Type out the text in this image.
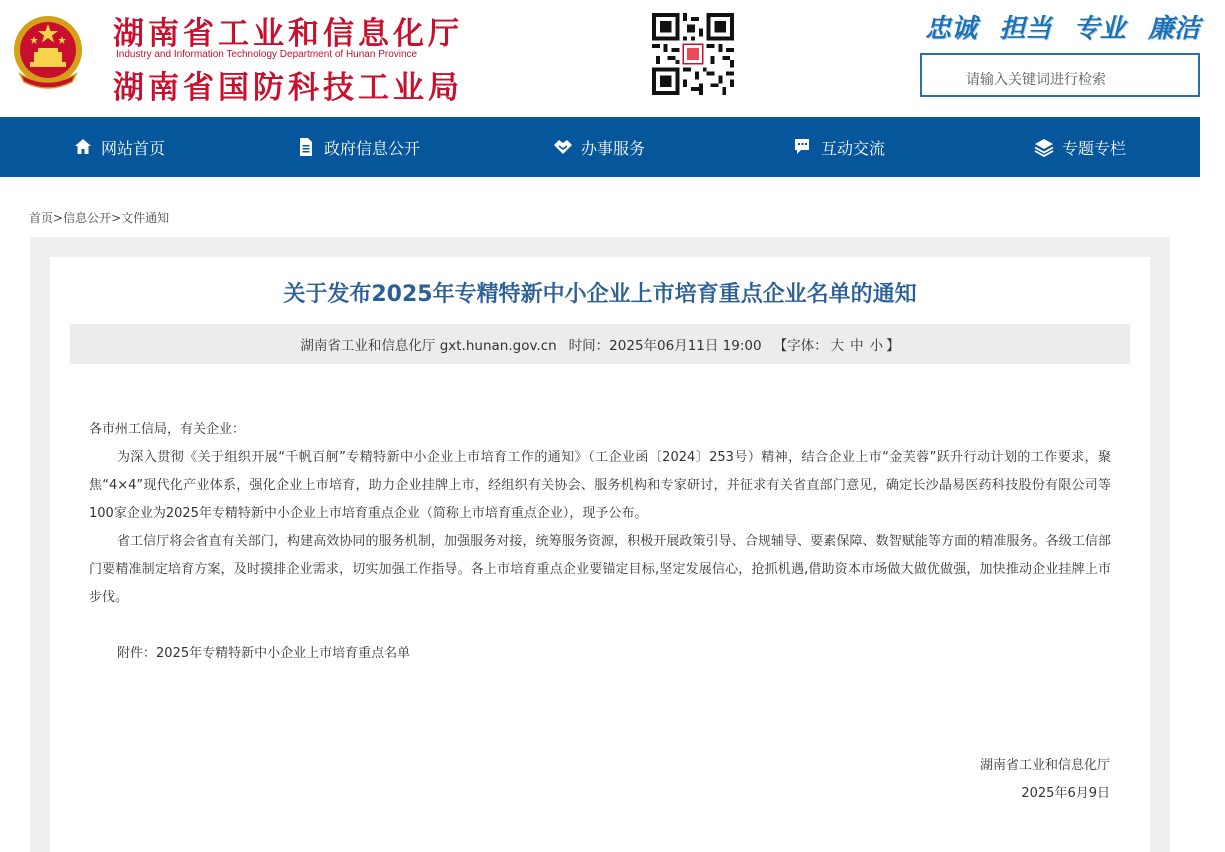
湖南省工业和信息化厅
Industry and Information Technology Department of Hunan Province
湖南省国防科技工业局
忠诚 担当 专业 廉洁
请输入关键词进行检索
网站首页	政府信息公开	办事服务	互动交流	专题专栏
首页>信息公开>文件通知
关于发布2025年专精特新中小企业上市培育重点企业名单的通知
湖南省工业和信息化厅 gxt.hunan.gov.cn 时间：2025年06月11日 19:00 【字体： 大 中 小 】

各市州工信局，有关企业：

为深入贯彻《关于组织开展“千帆百舸”专精特新中小企业上市培育工作的通知》（工企业函〔2024〕253号）精神，结合企业上市“金芙蓉”跃升行动计划的工作要求，聚焦“4×4”现代化产业体系，强化企业上市培育，助力企业挂牌上市，经组织有关协会、服务机构和专家研讨，并征求有关省直部门意见，确定长沙晶易医药科技股份有限公司等100家企业为2025年专精特新中小企业上市培育重点企业（简称上市培育重点企业），现予公布。

省工信厅将会省直有关部门，构建高效协同的服务机制，加强服务对接，统筹服务资源，积极开展政策引导、合规辅导、要素保障、数智赋能等方面的精准服务。各级工信部门要精准制定培育方案，及时摸排企业需求，切实加强工作指导。各上市培育重点企业要锚定目标,坚定发展信心，抢抓机遇,借助资本市场做大做优做强，加快推动企业挂牌上市步伐。

附件：2025年专精特新中小企业上市培育重点名单
湖南省工业和信息化厅
2025年6月9日
